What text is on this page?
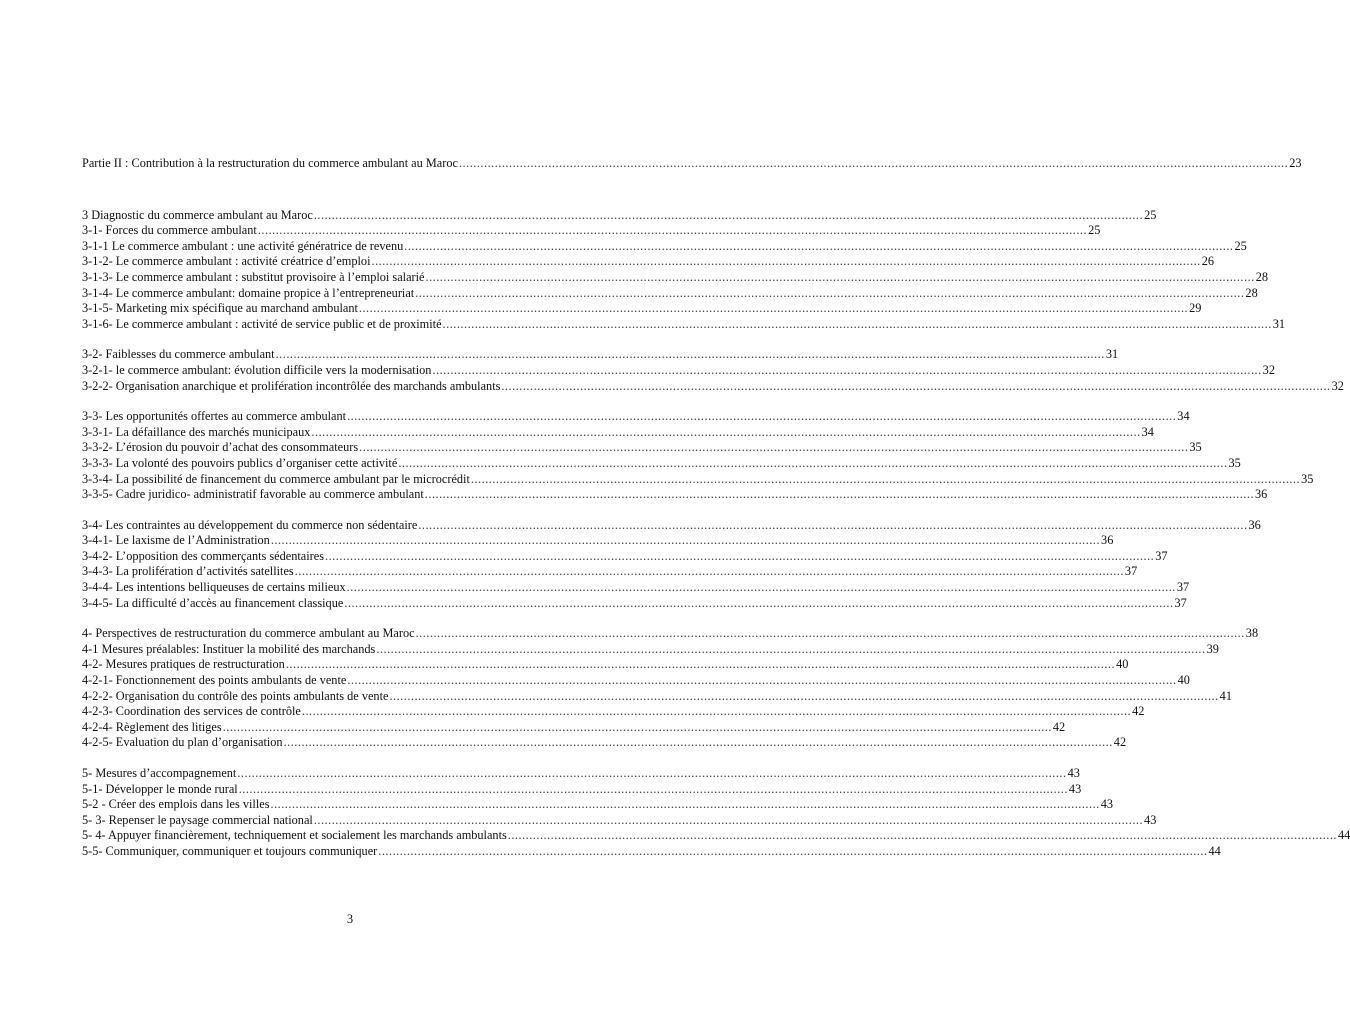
Partie II : Contribution à la restructuration du commerce ambulant au Maroc .....	23
3 Diagnostic du commerce ambulant au Maroc .....	25
3-1- Forces du commerce ambulant .....	25
3-1-1 Le commerce ambulant : une activité génératrice de revenu .....	25
3-1-2- Le commerce ambulant : activité créatrice d’emploi .....	26
3-1-3- Le commerce ambulant : substitut provisoire à l’emploi salarié .....	28
3-1-4- Le commerce ambulant: domaine propice à l’entrepreneuriat .....	28
3-1-5- Marketing mix spécifique au marchand ambulant .....	29
3-1-6- Le commerce ambulant : activité de service public et de proximité .....	31
3-2- Faiblesses du commerce ambulant .....	31
3-2-1- le commerce ambulant: évolution difficile vers la modernisation .....	32
3-2-2- Organisation anarchique et prolifération incontrôlée des marchands ambulants .....	32
3-3- Les opportunités offertes au commerce ambulant .....	34
3-3-1- La défaillance des marchés municipaux .....	34
3-3-2- L’érosion du pouvoir d’achat des consommateurs .....	35
3-3-3- La volonté des pouvoirs publics d’organiser cette activité .....	35
3-3-4- La possibilité de financement du commerce ambulant par le microcrédit .....	35
3-3-5- Cadre juridico- administratif favorable au commerce ambulant .....	36
3-4- Les contraintes au développement du commerce non sédentaire .....	36
3-4-1- Le laxisme de l’Administration .....	36
3-4-2- L’opposition des commerçants sédentaires .....	37
3-4-3- La prolifération d’activités satellites .....	37
3-4-4- Les intentions belliqueuses de certains milieux .....	37
3-4-5- La difficulté d’accès au financement classique .....	37
4- Perspectives de restructuration du commerce ambulant au Maroc .....	38
4-1 Mesures préalables: Instituer la mobilité des marchands .....	39
4-2- Mesures pratiques de restructuration .....	40
4-2-1- Fonctionnement des points ambulants de vente .....	40
4-2-2- Organisation du contrôle des points ambulants de vente .....	41
4-2-3- Coordination des services de contrôle .....	42
4-2-4- Règlement des litiges .....	42
4-2-5- Evaluation du plan d’organisation .....	42
5- Mesures d’accompagnement .....	43
5-1- Développer le monde rural .....	43
5-2 - Créer des emplois dans les villes .....	43
5- 3- Repenser le paysage commercial national .....	43
5- 4- Appuyer financièrement, techniquement et socialement les marchands ambulants .....	44
5-5- Communiquer, communiquer et toujours communiquer .....	44
3
